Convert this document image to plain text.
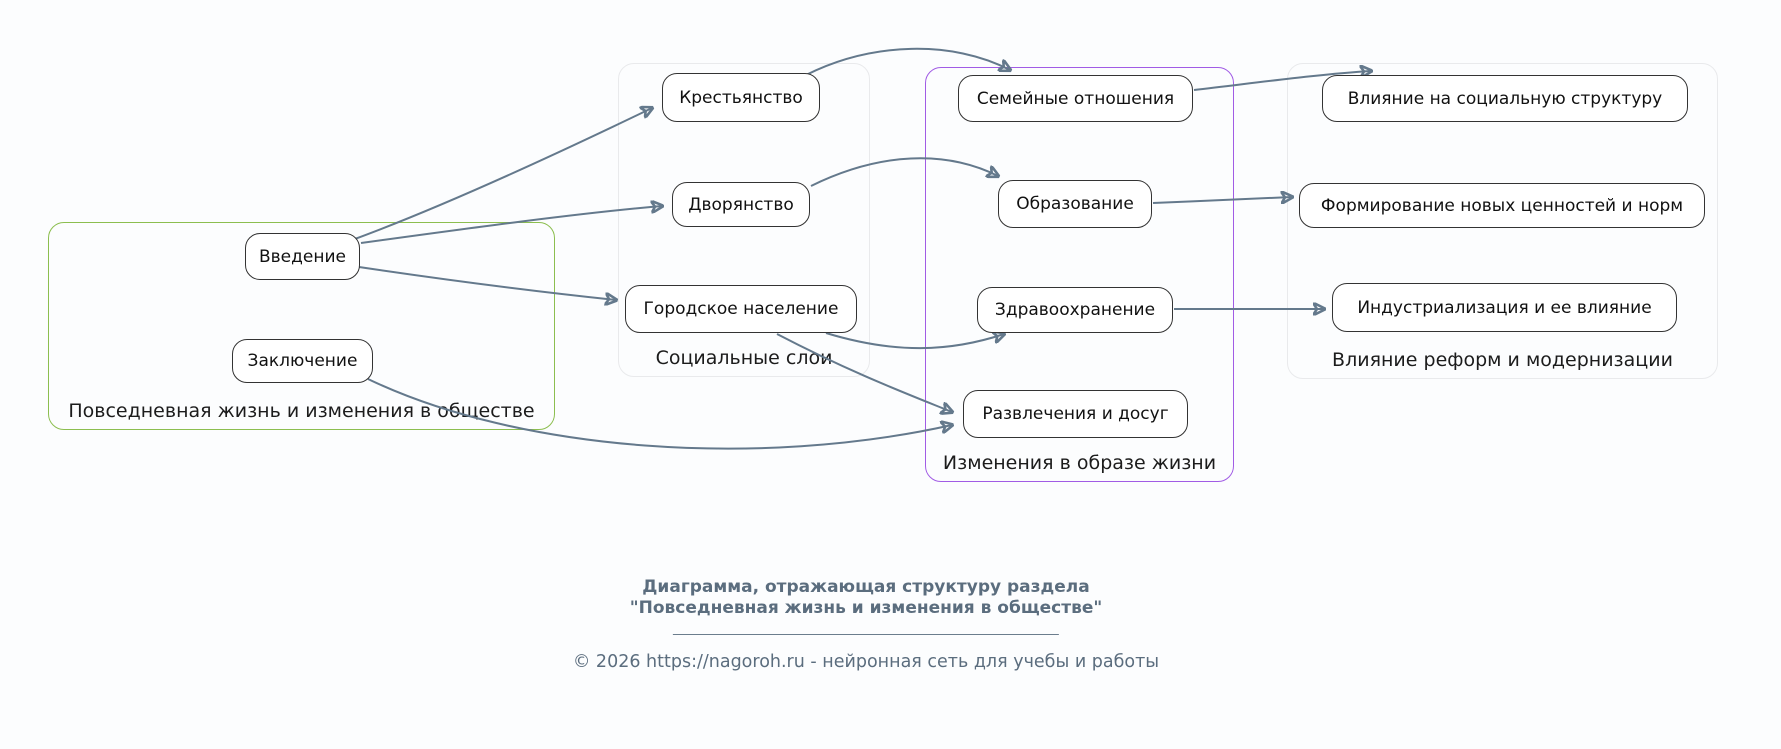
Повседневная жизнь и изменения в обществе
Социальные слои
Изменения в образе жизни
Влияние реформ и модернизации
Введение
Заключение
Крестьянство
Дворянство
Городское население
Семейные отношения
Образование
Здравоохранение
Развлечения и досуг
Влияние на социальную структуру
Формирование новых ценностей и норм
Индустриализация и ее влияние
Диаграмма, отражающая структуру раздела
"Повседневная жизнь и изменения в обществе"
© 2026 https://nagoroh.ru - нейронная сеть для учебы и работы
